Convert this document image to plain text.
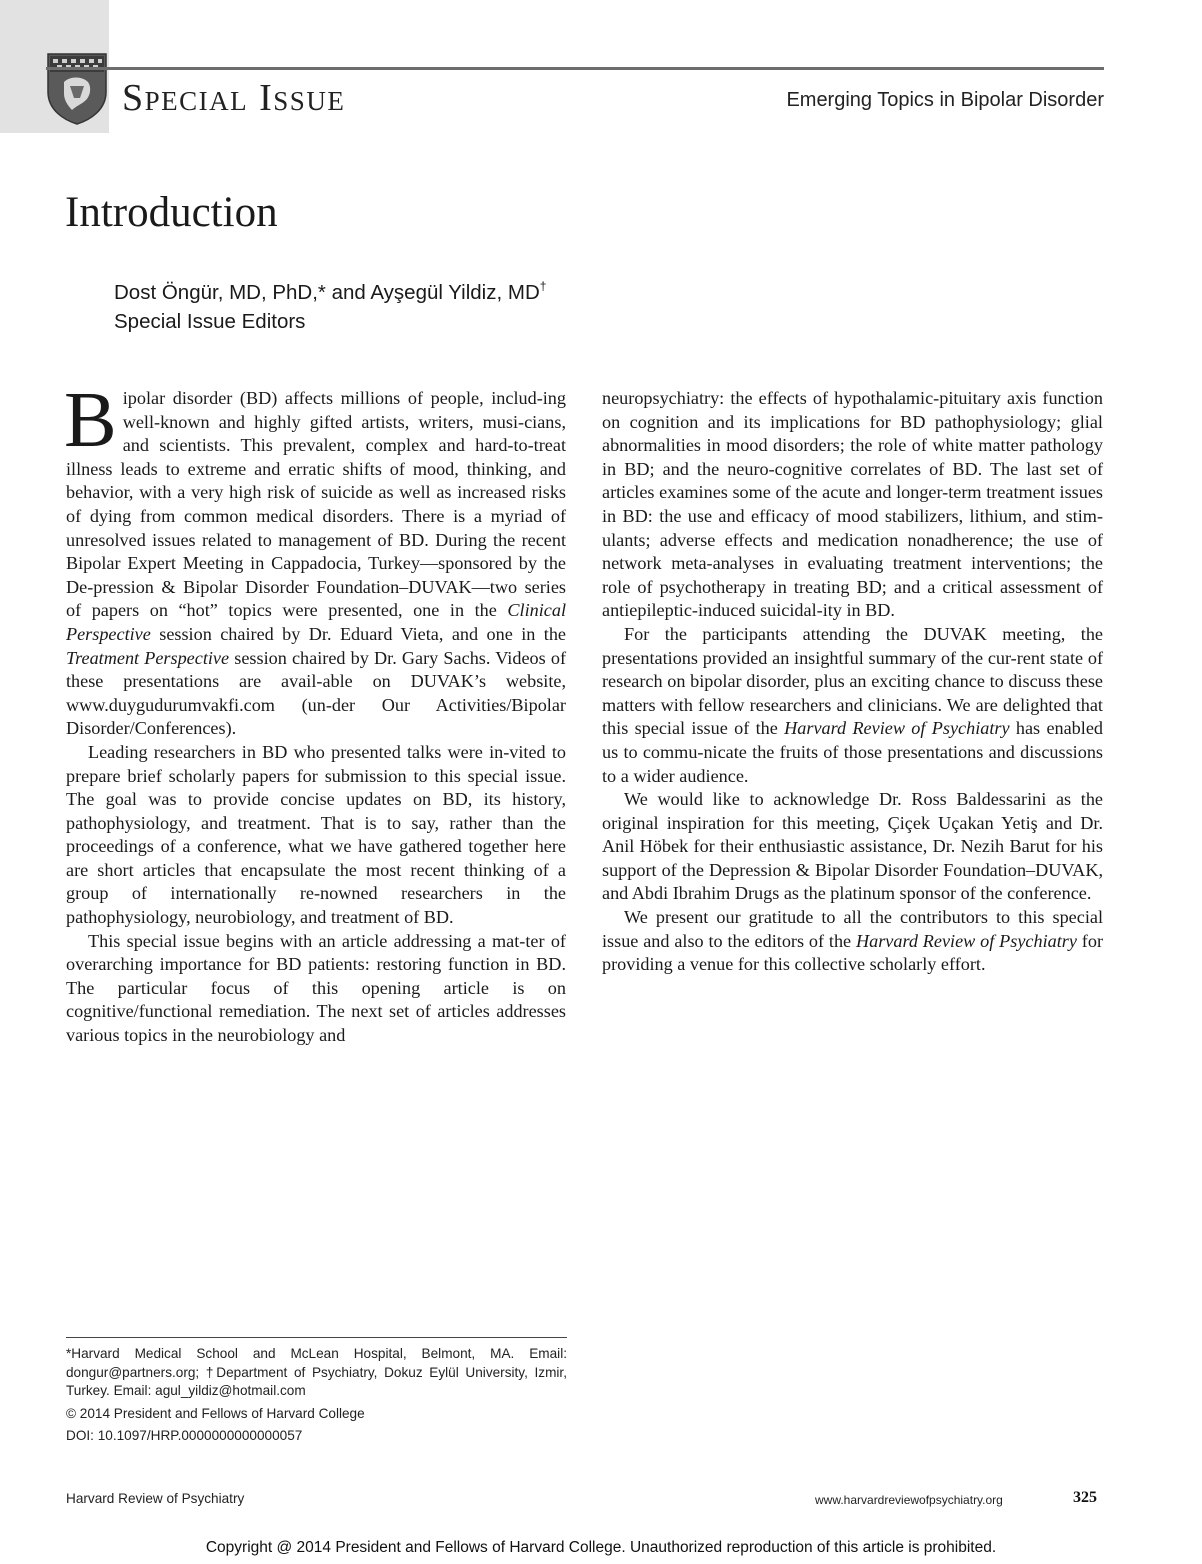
Special Issue	Emerging Topics in Bipolar Disorder
Introduction
Dost Öngür, MD, PhD,* and Ayşegül Yildiz, MD†
Special Issue Editors

Bipolar disorder (BD) affects millions of people, includ-ing well-known and highly gifted artists, writers, musi-cians, and scientists. This prevalent, complex and hard-to-treat illness leads to extreme and erratic shifts of mood, thinking, and behavior, with a very high risk of suicide as well as increased risks of dying from common medical disorders. There is a myriad of unresolved issues related to management of BD. During the recent Bipolar Expert Meeting in Cappadocia, Turkey—sponsored by the De-pression & Bipolar Disorder Foundation–DUVAK—two series of papers on “hot” topics were presented, one in the Clinical Perspective session chaired by Dr. Eduard Vieta, and one in the Treatment Perspective session chaired by Dr. Gary Sachs. Videos of these presentations are avail-able on DUVAK’s website, www.duygudurumvakfi.com (un-der Our Activities/Bipolar Disorder/Conferences).

Leading researchers in BD who presented talks were in-vited to prepare brief scholarly papers for submission to this special issue. The goal was to provide concise updates on BD, its history, pathophysiology, and treatment. That is to say, rather than the proceedings of a conference, what we have gathered together here are short articles that encapsulate the most recent thinking of a group of internationally re-nowned researchers in the pathophysiology, neurobiology, and treatment of BD.

This special issue begins with an article addressing a mat-ter of overarching importance for BD patients: restoring function in BD. The particular focus of this opening article is on cognitive/functional remediation. The next set of articles addresses various topics in the neurobiology and

neuropsychiatry: the effects of hypothalamic-pituitary axis function on cognition and its implications for BD pathophysiology; glial abnormalities in mood disorders; the role of white matter pathology in BD; and the neuro-cognitive correlates of BD. The last set of articles examines some of the acute and longer-term treatment issues in BD: the use and efficacy of mood stabilizers, lithium, and stim-ulants; adverse effects and medication nonadherence; the use of network meta-analyses in evaluating treatment interventions; the role of psychotherapy in treating BD; and a critical assessment of antiepileptic-induced suicidal-ity in BD.

For the participants attending the DUVAK meeting, the presentations provided an insightful summary of the cur-rent state of research on bipolar disorder, plus an exciting chance to discuss these matters with fellow researchers and clinicians. We are delighted that this special issue of the Harvard Review of Psychiatry has enabled us to commu-nicate the fruits of those presentations and discussions to a wider audience.

We would like to acknowledge Dr. Ross Baldessarini as the original inspiration for this meeting, Çiçek Uçakan Yetiş and Dr. Anil Höbek for their enthusiastic assistance, Dr. Nezih Barut for his support of the Depression & Bipolar Disorder Foundation–DUVAK, and Abdi Ibrahim Drugs as the platinum sponsor of the conference.

We present our gratitude to all the contributors to this special issue and also to the editors of the Harvard Review of Psychiatry for providing a venue for this collective scholarly effort.

*Harvard Medical School and McLean Hospital, Belmont, MA. Email: dongur@partners.org; †Department of Psychiatry, Dokuz Eylül University, Izmir, Turkey. Email: agul_yildiz@hotmail.com
© 2014 President and Fellows of Harvard College
DOI: 10.1097/HRP.0000000000000057
Harvard Review of Psychiatry	www.harvardreviewofpsychiatry.org	325
Copyright @ 2014 President and Fellows of Harvard College. Unauthorized reproduction of this article is prohibited.
